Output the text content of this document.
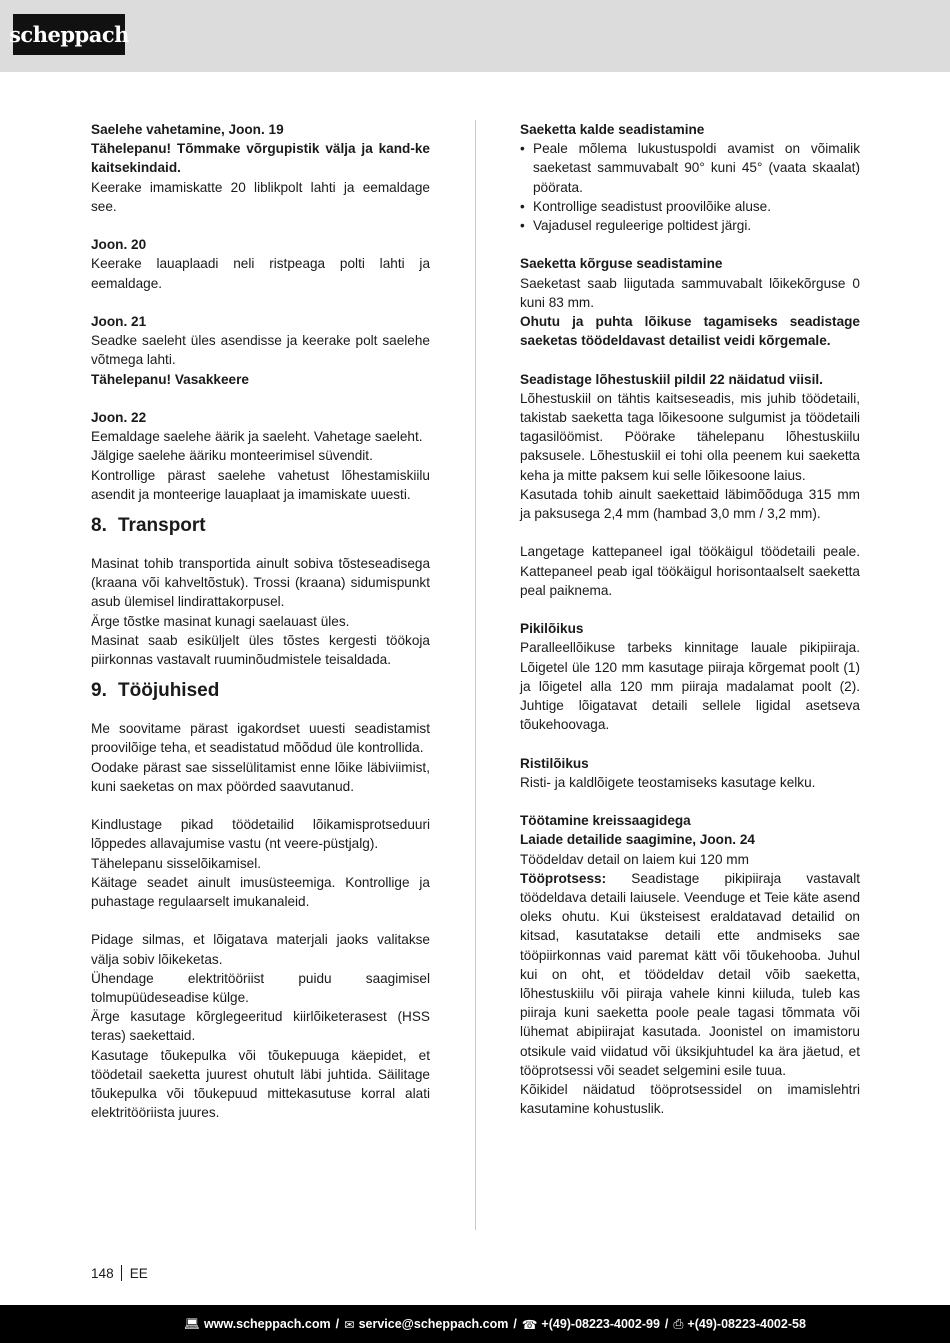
scheppach

Saelehe vahetamine, Joon. 19

Tähelepanu! Tõmmake võrgupistik välja ja kand-ke kaitsekindaid.

Keerake imamiskatte 20 liblikpolt lahti ja eemaldage see.

Joon. 20

Keerake lauaplaadi neli ristpeaga polti lahti ja eemaldage.

Joon. 21

Seadke saeleht üles asendisse ja keerake polt saelehe võtmega lahti.

Tähelepanu! Vasakkeere

Joon. 22

Eemaldage saelehe äärik ja saeleht. Vahetage saeleht.

Jälgige saelehe ääriku monteerimisel süvendit.

Kontrollige pärast saelehe vahetust lõhestamiskiilu asendit ja monteerige lauaplaat ja imamiskate uuesti.

8. Transport

Masinat tohib transportida ainult sobiva tõsteseadisega (kraana või kahveltõstuk). Trossi (kraana) sidumispunkt asub ülemisel lindirattakorpusel.

Ärge tõstke masinat kunagi saelauast üles.

Masinat saab esiküljelt üles tõstes kergesti töökoja piirkonnas vastavalt ruuminõudmistele teisaldada.

9. Tööjuhised

Me soovitame pärast igakordset uuesti seadistamist proovilõige teha, et seadistatud mõõdud üle kontrollida.

Oodake pärast sae sisselülitamist enne lõike läbiviimist, kuni saeketas on max pöörded saavutanud.

Kindlustage pikad töödetailid lõikamisprotseduuri lõppedes allavajumise vastu (nt veere-püstjalg).

Tähelepanu sisselõikamisel.

Käitage seadet ainult imusüsteemiga. Kontrollige ja puhastage regulaarselt imukanaleid.

Pidage silmas, et lõigatava materjali jaoks valitakse välja sobiv lõikeketas.

Ühendage elektritööriist puidu saagimisel tolmupüüdeseadise külge.

Ärge kasutage kõrglegeeritud kiirlõiketerasest (HSS teras) saekettaid.

Kasutage tõukepulka või tõukepuuga käepidet, et töödetail saeketta juurest ohutult läbi juhtida. Säilitage tõukepulka või tõukepuud mittekasutuse korral alati elektritööriista juures.

Saeketta kalde seadistamine

• Peale mõlema lukustuspoldi avamist on võimalik saeketast sammuvabalt 90° kuni 45° (vaata skaalat) pöörata.
• Kontrollige seadistust proovilõike aluse.
• Vajadusel reguleerige poltidest järgi.

Saeketta kõrguse seadistamine

Saeketast saab liigutada sammuvabalt lõikekõrguse 0 kuni 83 mm.

Ohutu ja puhta lõikuse tagamiseks seadistage saeketas töödeldavast detailist veidi kõrgemale.

Seadistage lõhestuskiil pildil 22 näidatud viisil.

Lõhestuskiil on tähtis kaitseseadis, mis juhib töödetaili, takistab saeketta taga lõikesoone sulgumist ja töödetaili tagasilöömist. Pöörake tähelepanu lõhestuskiilu paksusele. Lõhestuskiil ei tohi olla peenem kui saeketta keha ja mitte paksem kui selle lõikesoone laius.

Kasutada tohib ainult saekettaid läbimõõduga 315 mm ja paksusega 2,4 mm (hambad 3,0 mm / 3,2 mm).

Langetage kattepaneel igal töökäigul töödetaili peale. Kattepaneel peab igal töökäigul horisontaalselt saeketta peal paiknema.

Pikilõikus

Paralleellõikuse tarbeks kinnitage lauale pikipiiraja. Lõigetel üle 120 mm kasutage piiraja kõrgemat poolt (1) ja lõigetel alla 120 mm piiraja madalamat poolt (2). Juhtige lõigatavat detaili sellele ligidal asetseva tõukehoovaga.

Ristilõikus

Risti- ja kaldlõigete teostamiseks kasutage kelku.

Töötamine kreissaagidega

Laiade detailide saagimine, Joon. 24

Töödeldav detail on laiem kui 120 mm

Tööprotsess: Seadistage pikipiiraja vastavalt töödeldava detaili laiusele. Veenduge et Teie käte asend oleks ohutu. Kui üksteisest eraldatavad detailid on kitsad, kasutatakse detaili ette andmiseks sae tööpiirkonnas vaid paremat kätt või tõukehooba. Juhul kui on oht, et töödeldav detail võib saeketta, lõhestuskiilu või piiraja vahele kinni kiiluda, tuleb kas piiraja kuni saeketta poole peale tagasi tõmmata või lühemat abipiirajat kasutada. Joonistel on imamistoru otsikule vaid viidatud või üksikjuhtudel ka ära jäetud, et tööprotsessi või seadet selgemini esile tuua.

Kõikidel näidatud tööprotsessidel on imamislehtri kasutamine kohustuslik.

148 EE
💻︎ www.scheppach.com / ✉︎ service@scheppach.com / ☎︎ +(49)-08223-4002-99 / ⎙ +(49)-08223-4002-58
